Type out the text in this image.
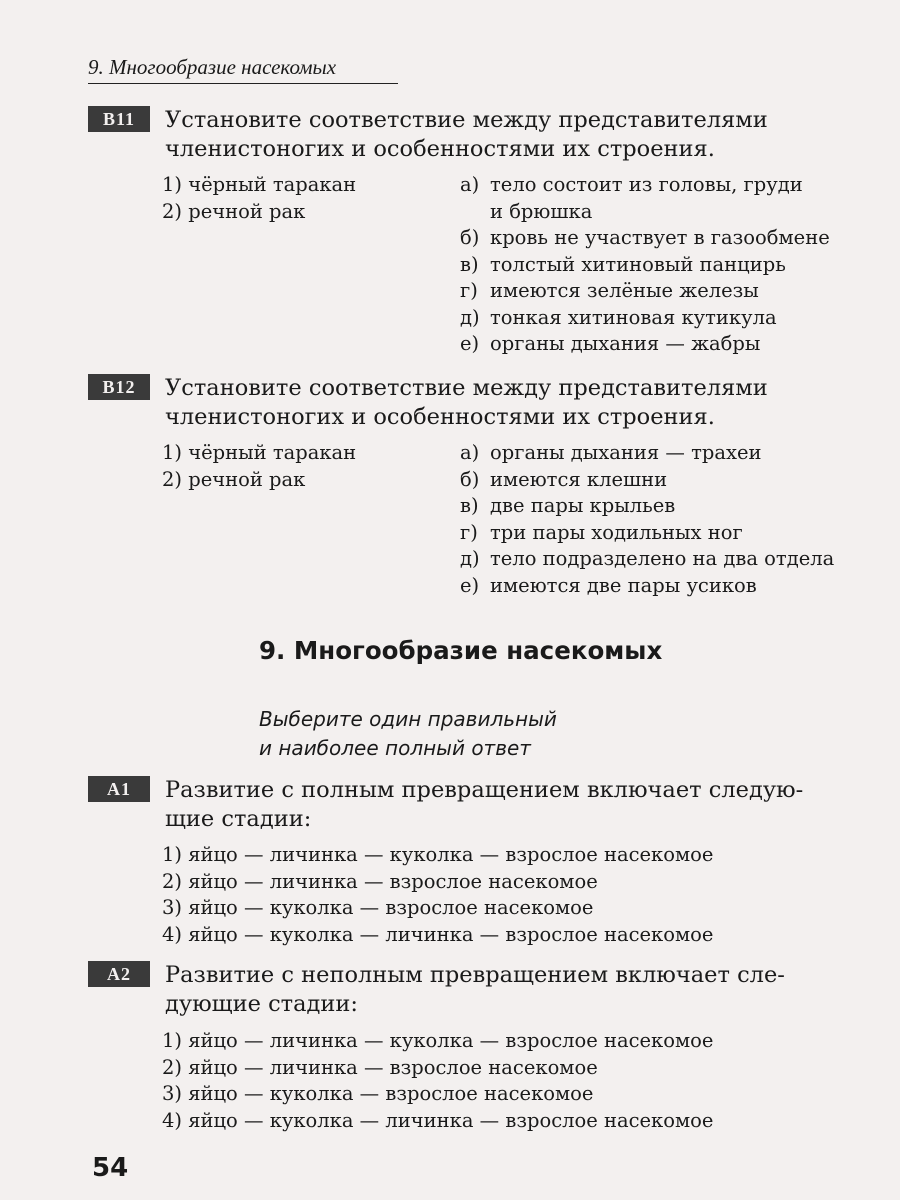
9. Многообразие насекомых
В11	Установите соответствие между представителями
членистоногих и особенностями их строения.
1) чёрный таракан
2) речной рак
а) тело состоит из головы, груди
и брюшка
б) кровь не участвует в газообмене
в) толстый хитиновый панцирь
г) имеются зелёные железы
д) тонкая хитиновая кутикула
е) органы дыхания — жабры
В12	Установите соответствие между представителями
членистоногих и особенностями их строения.
1) чёрный таракан
2) речной рак
а) органы дыхания — трахеи
б) имеются клешни
в) две пары крыльев
г) три пары ходильных ног
д) тело подразделено на два отдела
е) имеются две пары усиков
9. Многообразие насекомых
Выберите один правильный
и наиболее полный ответ
А1	Развитие с полным превращением включает следую-
щие стадии:
1) яйцо — личинка — куколка — взрослое насекомое
2) яйцо — личинка — взрослое насекомое
3) яйцо — куколка — взрослое насекомое
4) яйцо — куколка — личинка — взрослое насекомое
А2	Развитие с неполным превращением включает сле-
дующие стадии:
1) яйцо — личинка — куколка — взрослое насекомое
2) яйцо — личинка — взрослое насекомое
3) яйцо — куколка — взрослое насекомое
4) яйцо — куколка — личинка — взрослое насекомое
54
